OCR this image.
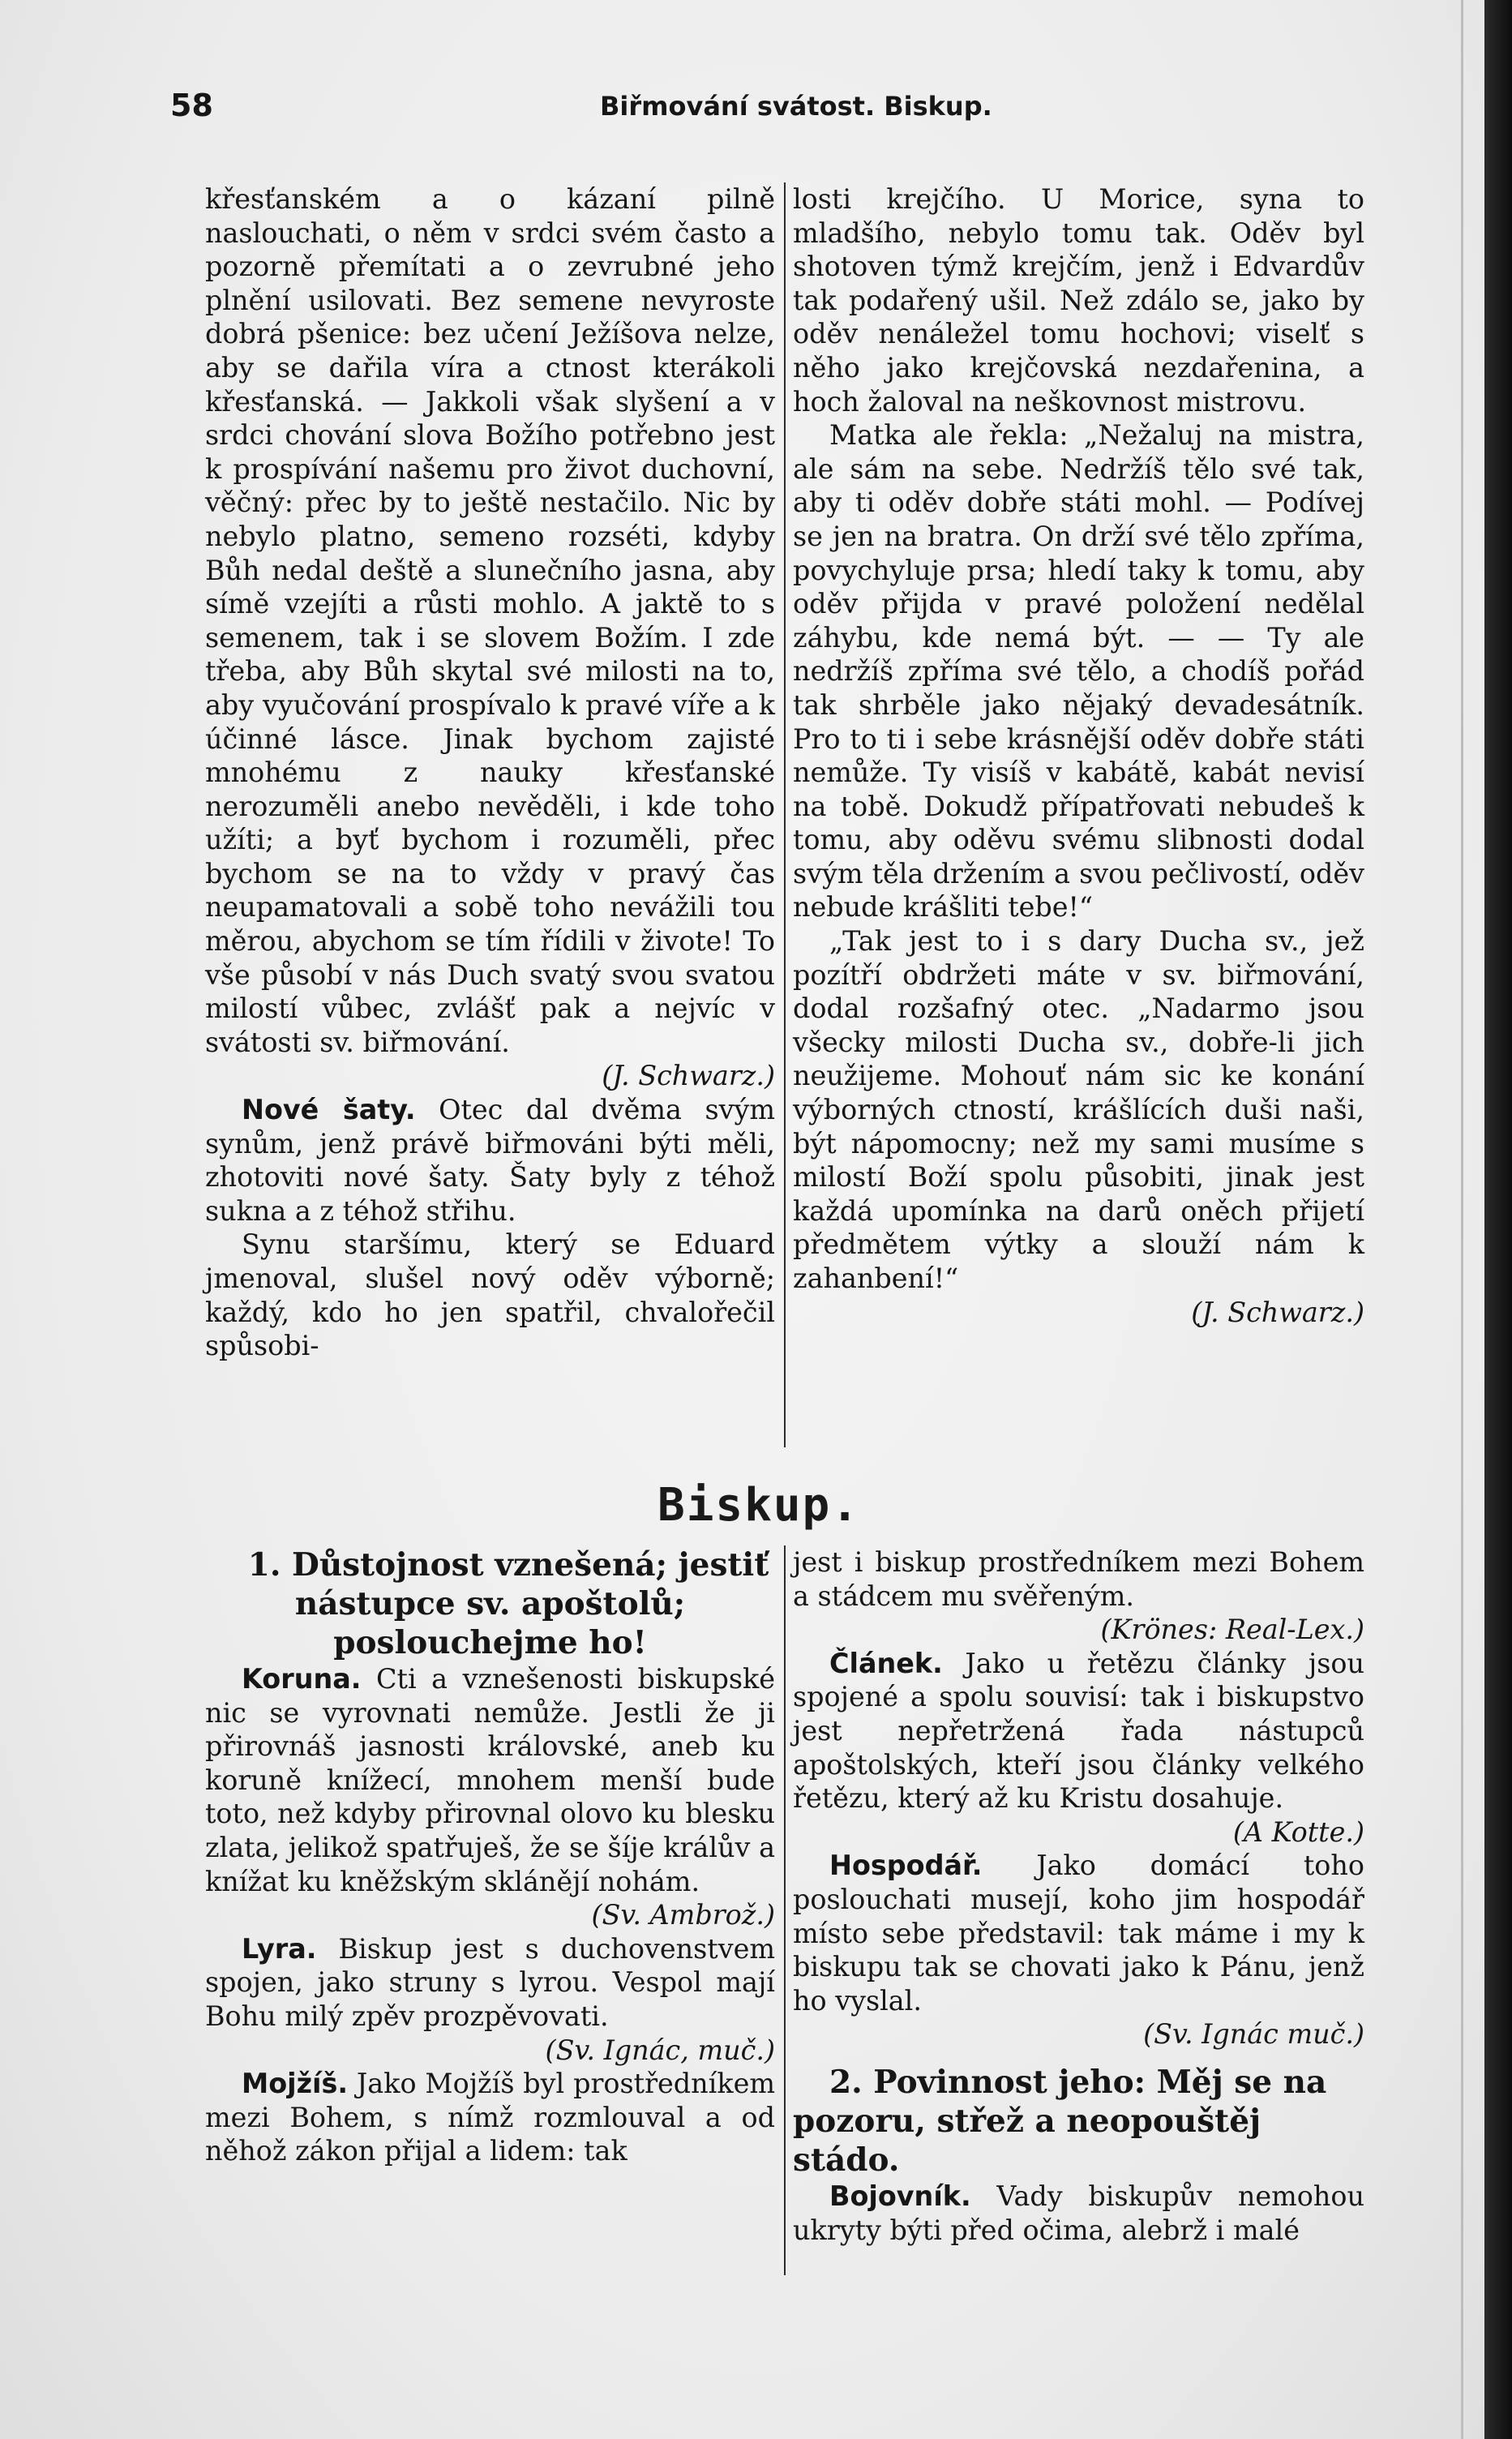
58	Biřmování svátost. Biskup.

křesťanském a o kázaní pilně naslouchati, o něm v srdci svém často a pozorně přemítati a o zevrubné jeho plnění usilovati. Bez semene nevyroste dobrá pšenice: bez učení Ježíšova nelze, aby se dařila víra a ctnost kterákoli křesťanská. — Jakkoli však slyšení a v srdci chování slova Božího potřebno jest k prospívání našemu pro život duchovní, věčný: přec by to ještě nestačilo. Nic by nebylo platno, semeno rozséti, kdyby Bůh nedal deště a slunečního jasna, aby símě vzejíti a růsti mohlo. A jaktě to s semenem, tak i se slovem Božím. I zde třeba, aby Bůh skytal své milosti na to, aby vyučování prospívalo k pravé víře a k účinné lásce. Jinak bychom zajisté mnohému z nauky křesťanské nerozuměli anebo nevěděli, i kde toho užíti; a byť bychom i rozuměli, přec bychom se na to vždy v pravý čas neupamatovali a sobě toho nevážili tou měrou, abychom se tím řídili v živote! To vše působí v nás Duch svatý svou svatou milostí vůbec, zvlášť pak a nejvíc v svátosti sv. biřmování.

(J. Schwarz.)

Nové šaty. Otec dal dvěma svým synům, jenž právě biřmováni býti měli, zhotoviti nové šaty. Šaty byly z téhož sukna a z téhož střihu.

Synu staršímu, který se Eduard jmenoval, slušel nový oděv výborně; každý, kdo ho jen spatřil, chvalořečil spůsobi-

losti krejčího. U Morice, syna to mladšího, nebylo tomu tak. Oděv byl shotoven týmž krejčím, jenž i Edvardův tak podařený ušil. Než zdálo se, jako by oděv nenáležel tomu hochovi; viselť s něho jako krejčovská nezdařenina, a hoch žaloval na neškovnost mistrovu.

Matka ale řekla: „Nežaluj na mistra, ale sám na sebe. Nedržíš tělo své tak, aby ti oděv dobře státi mohl. — Podívej se jen na bratra. On drží své tělo zpříma, povychyluje prsa; hledí taky k tomu, aby oděv přijda v pravé položení nedělal záhybu, kde nemá být. — — Ty ale nedržíš zpříma své tělo, a chodíš pořád tak shrběle jako nějaký devadesátník. Pro to ti i sebe krásnější oděv dobře státi nemůže. Ty visíš v kabátě, kabát nevisí na tobě. Dokudž přípatřovati nebudeš k tomu, aby oděvu svému slibnosti dodal svým těla držením a svou pečlivostí, oděv nebude krášliti tebe!“

„Tak jest to i s dary Ducha sv., jež pozítří obdržeti máte v sv. biřmování, dodal rozšafný otec. „Nadarmo jsou všecky milosti Ducha sv., dobře-li jich neužijeme. Mohouť nám sic ke konání výborných ctností, krášlících duši naši, být nápomocny; než my sami musíme s milostí Boží spolu působiti, jinak jest každá upomínka na darů oněch přijetí předmětem výtky a slouží nám k zahanbení!“

(J. Schwarz.)

Biskup.

1. Důstojnost vznešená; jestiť nástupce sv. apoštolů; poslouchejme ho!

Koruna. Cti a vznešenosti biskupské nic se vyrovnati nemůže. Jestli že ji přirovnáš jasnosti královské, aneb ku koruně knížecí, mnohem menší bude toto, než kdyby přirovnal olovo ku blesku zlata, jelikož spatřuješ, že se šíje králův a knížat ku kněžským sklánějí nohám.

(Sv. Ambrož.)

Lyra. Biskup jest s duchovenstvem spojen, jako struny s lyrou. Vespol mají Bohu milý zpěv prozpěvovati.

(Sv. Ignác, muč.)

Mojžíš. Jako Mojžíš byl prostředníkem mezi Bohem, s nímž rozmlouval a od něhož zákon přijal a lidem: tak

jest i biskup prostředníkem mezi Bohem a stádcem mu svěřeným.

(Krönes: Real-Lex.)

Článek. Jako u řetězu články jsou spojené a spolu souvisí: tak i biskupstvo jest nepřetržená řada nástupců apoštolských, kteří jsou články velkého řetězu, který až ku Kristu dosahuje.

(A Kotte.)

Hospodář. Jako domácí toho poslouchati musejí, koho jim hospodář místo sebe představil: tak máme i my k biskupu tak se chovati jako k Pánu, jenž ho vyslal.

(Sv. Ignác muč.)

2. Povinnost jeho: Měj se na pozoru, střež a neopouštěj stádo.

Bojovník. Vady biskupův nemohou ukryty býti před očima, alebrž i malé
